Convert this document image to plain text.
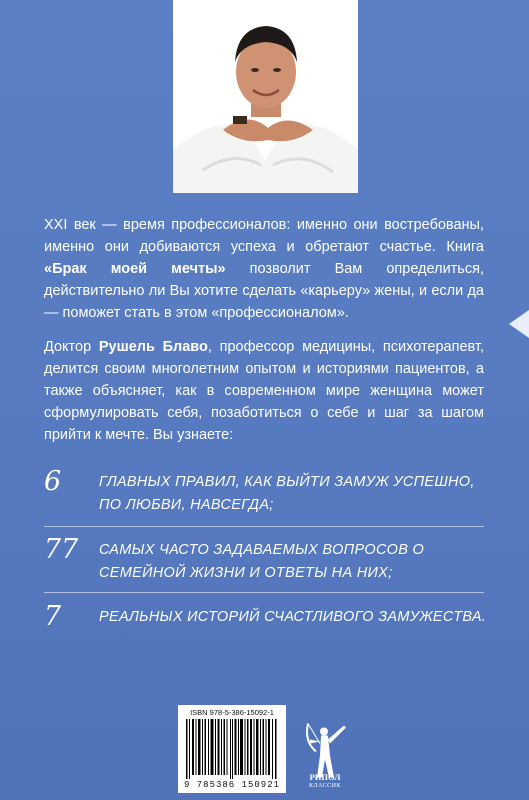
XXI век — время профессионалов: именно они востребованы, именно они добиваются успеха и обретают счастье. Книга «Брак моей мечты» позволит Вам определиться, действительно ли Вы хотите сделать «карьеру» жены, и если да — поможет стать в этом «профессионалом».

Доктор Рушель Блаво, профессор медицины, психотерапевт, делится своим многолетним опытом и историями пациентов, а также объясняет, как в современном мире женщина может сформулировать себя, позаботиться о себе и шаг за шагом прийти к мечте. Вы узнаете:

6	ГЛАВНЫХ ПРАВИЛ, КАК ВЫЙТИ ЗАМУЖ УСПЕШНО, ПО ЛЮБВИ, НАВСЕГДА;
77 САМЫХ ЧАСТО ЗАДАВАЕМЫХ ВОПРОСОВ О СЕМЕЙНОЙ ЖИЗНИ И ОТВЕТЫ НА НИХ;
7	РЕАЛЬНЫХ ИСТОРИЙ СЧАСТЛИВОГО ЗАМУЖЕСТВА.
ISBN 978-5-386-15092-1
9 785386 150921
РИПОЛ
КЛАССИК
